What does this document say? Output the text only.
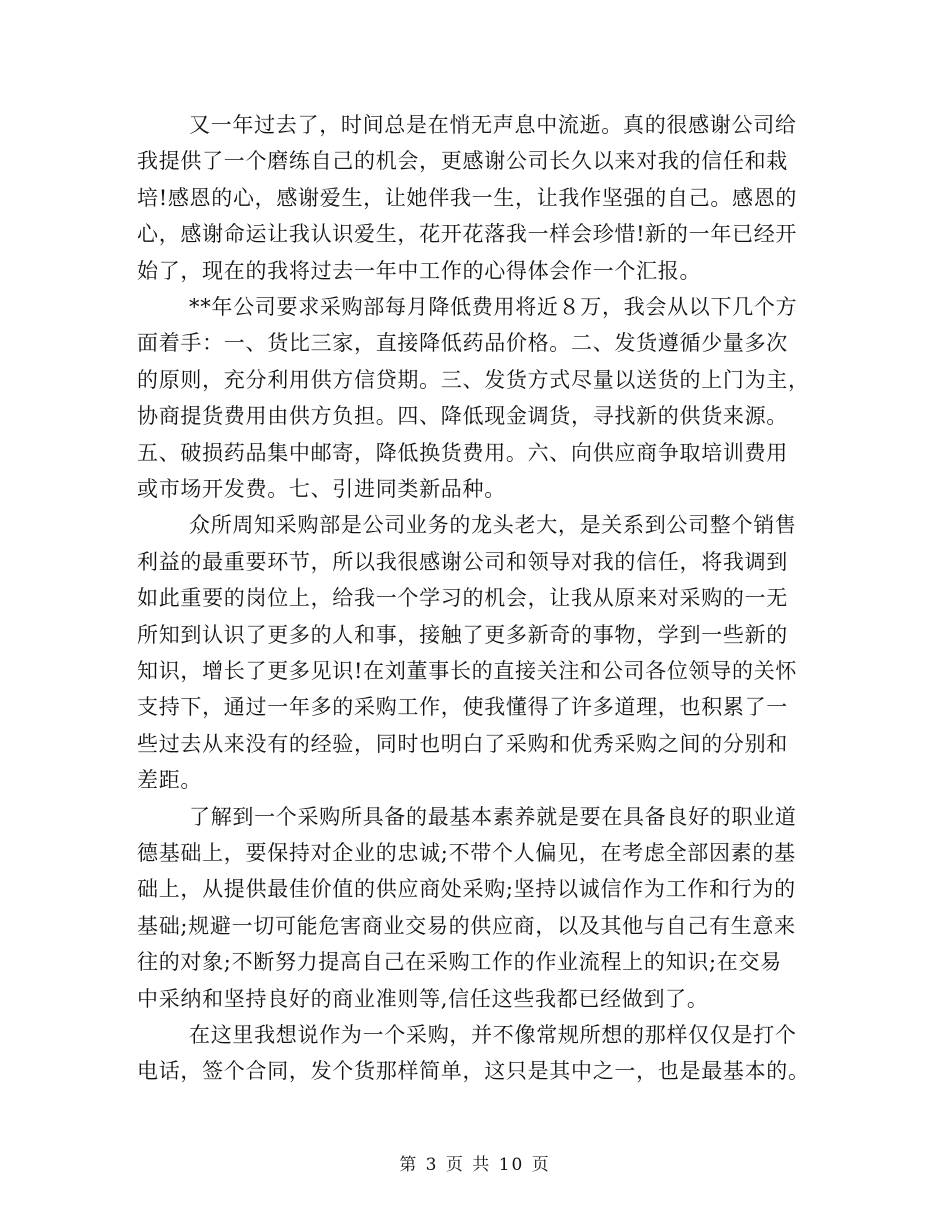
又一年过去了，时间总是在悄无声息中流逝。真的很感谢公司给
我提供了一个磨练自己的机会，更感谢公司长久以来对我的信任和栽
培!感恩的心，感谢爱生，让她伴我一生，让我作坚强的自己。感恩的
心，感谢命运让我认识爱生，花开花落我一样会珍惜!新的一年已经开
始了，现在的我将过去一年中工作的心得体会作一个汇报。
**年公司要求采购部每月降低费用将近８万，我会从以下几个方
面着手：一、货比三家，直接降低药品价格。二、发货遵循少量多次
的原则，充分利用供方信贷期。三、发货方式尽量以送货的上门为主，
协商提货费用由供方负担。四、降低现金调货，寻找新的供货来源。
五、破损药品集中邮寄，降低换货费用。六、向供应商争取培训费用
或市场开发费。七、引进同类新品种。
众所周知采购部是公司业务的龙头老大，是关系到公司整个销售
利益的最重要环节，所以我很感谢公司和领导对我的信任，将我调到
如此重要的岗位上，给我一个学习的机会，让我从原来对采购的一无
所知到认识了更多的人和事，接触了更多新奇的事物，学到一些新的
知识，增长了更多见识!在刘董事长的直接关注和公司各位领导的关怀
支持下，通过一年多的采购工作，使我懂得了许多道理，也积累了一
些过去从来没有的经验，同时也明白了采购和优秀采购之间的分别和
差距。
了解到一个采购所具备的最基本素养就是要在具备良好的职业道
德基础上，要保持对企业的忠诚;不带个人偏见，在考虑全部因素的基
础上，从提供最佳价值的供应商处采购;坚持以诚信作为工作和行为的
基础;规避一切可能危害商业交易的供应商，以及其他与自己有生意来
往的对象;不断努力提高自己在采购工作的作业流程上的知识;在交易
中采纳和坚持良好的商业准则等,信任这些我都已经做到了。
在这里我想说作为一个采购，并不像常规所想的那样仅仅是打个
电话，签个合同，发个货那样简单，这只是其中之一，也是最基本的。
第 3 页 共 10 页
